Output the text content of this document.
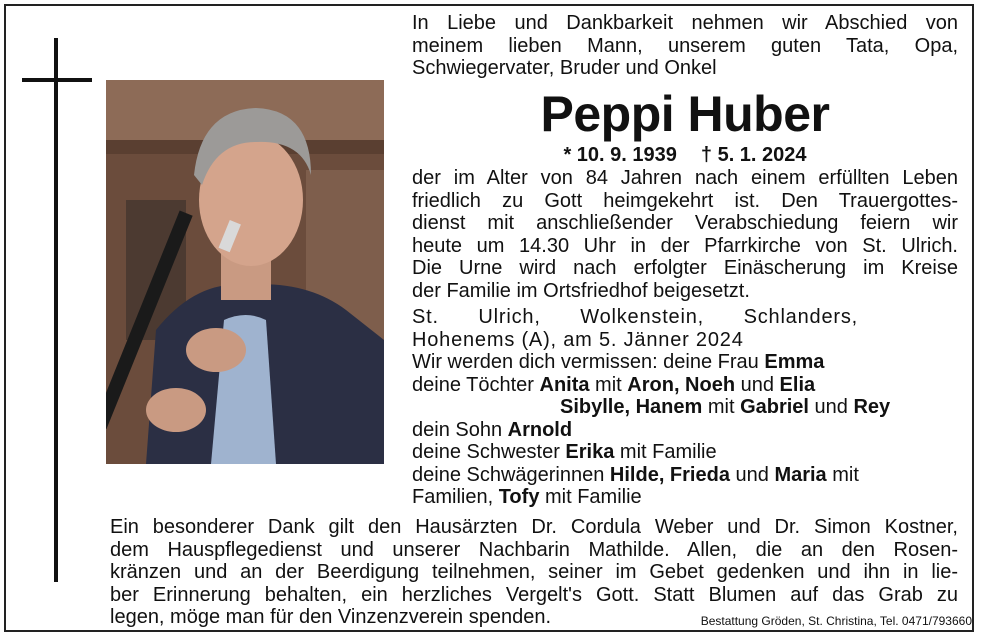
In Liebe und Dankbarkeit nehmen wir Abschied von
meinem lieben Mann, unserem guten Tata, Opa,
Schwiegervater, Bruder und Onkel
Peppi Huber
* 10. 9. 1939 † 5. 1. 2024
der im Alter von 84 Jahren nach einem erfüllten Leben
friedlich zu Gott heimgekehrt ist. Den Trauergottes-
dienst mit anschließender Verabschiedung feiern wir
heute um 14.30 Uhr in der Pfarrkirche von St. Ulrich.
Die Urne wird nach erfolgter Einäscherung im Kreise
der Familie im Ortsfriedhof beigesetzt.
St. Ulrich, Wolkenstein, Schlanders,
Hohenems (A), am 5. Jänner 2024
Wir werden dich vermissen: deine Frau Emma
deine Töchter Anita mit Aron, Noeh und Elia
Sibylle, Hanem mit Gabriel und Rey
dein Sohn Arnold
deine Schwester Erika mit Familie
deine Schwägerinnen Hilde, Frieda und Maria mit
Familien, Tofy mit Familie
Ein besonderer Dank gilt den Hausärzten Dr. Cordula Weber und Dr. Simon Kostner,
dem Hauspflegedienst und unserer Nachbarin Mathilde. Allen, die an den Rosen-
kränzen und an der Beerdigung teilnehmen, seiner im Gebet gedenken und ihn in lie-
ber Erinnerung behalten, ein herzliches Vergelt's Gott. Statt Blumen auf das Grab zu
legen, möge man für den Vinzenzverein spenden.	Bestattung Gröden, St. Christina, Tel. 0471/793660
